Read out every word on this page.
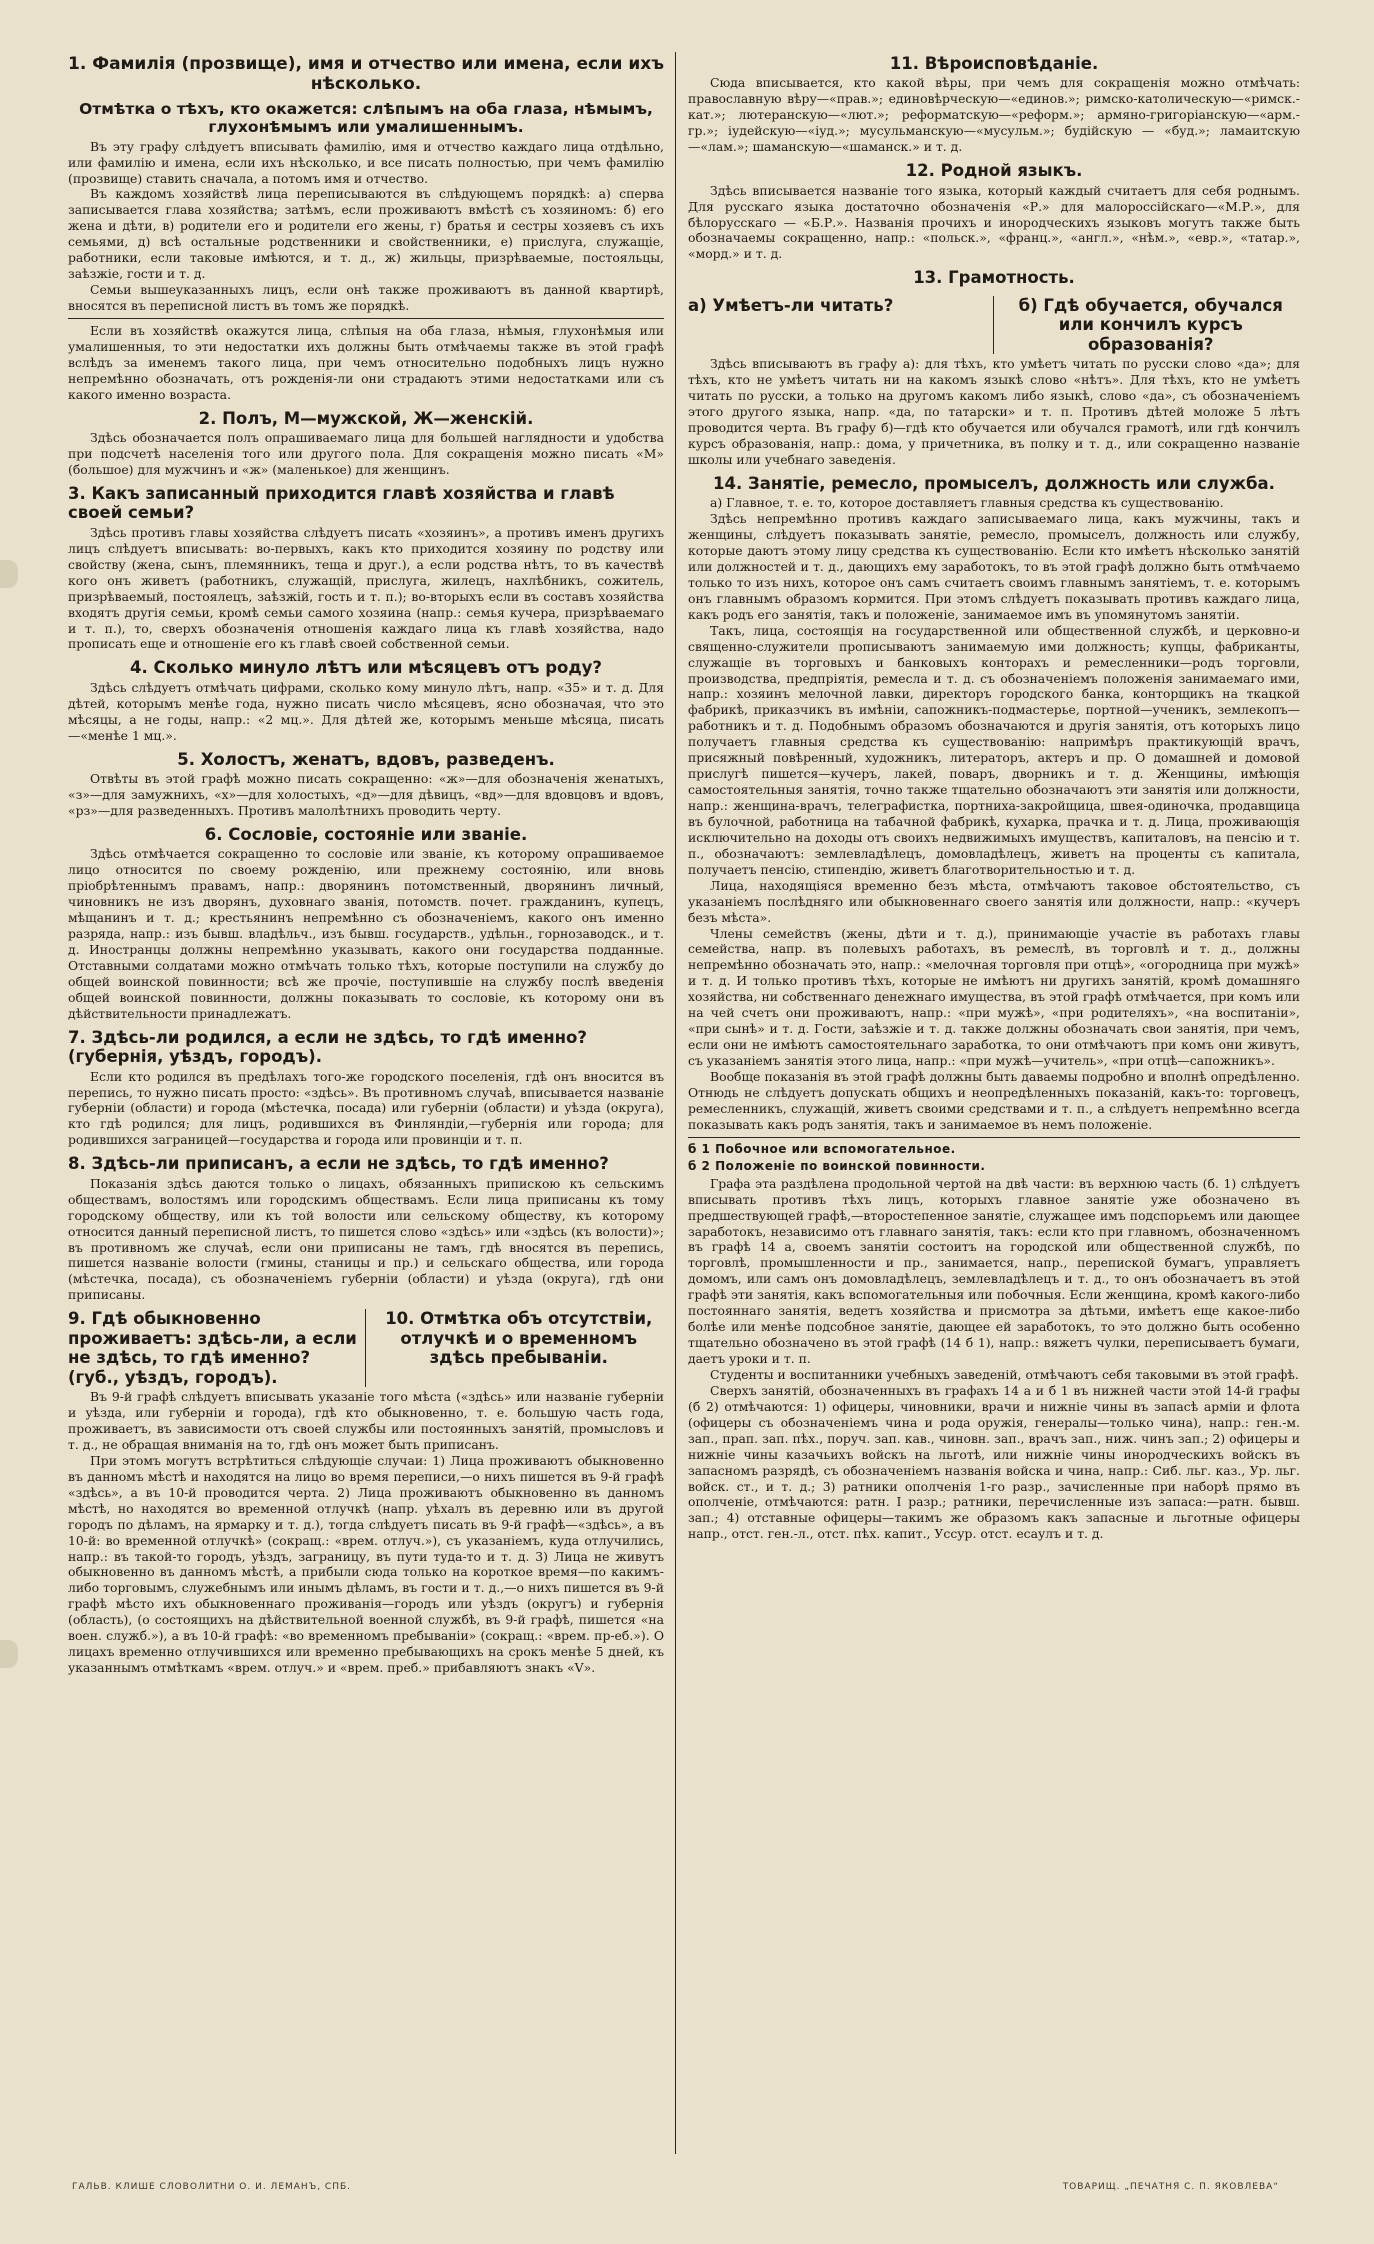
1. Фамилія (прозвище), имя и отчество или имена, если ихъ нѣсколько.
Отмѣтка о тѣхъ, кто окажется: слѣпымъ на оба глаза, нѣмымъ, глухонѣмымъ или умалишеннымъ.

Въ эту графу слѣдуетъ вписывать фамилію, имя и отчество каждаго лица отдѣльно, или фамилію и имена, если ихъ нѣсколько, и все писать полностью, при чемъ фамилію (прозвище) ставить сначала, а потомъ имя и отчество.

Въ каждомъ хозяйствѣ лица переписываются въ слѣдующемъ порядкѣ: а) сперва записывается глава хозяйства; затѣмъ, если проживаютъ вмѣстѣ съ хозяиномъ: б) его жена и дѣти, в) родители его и родители его жены, г) братья и сестры хозяевъ съ ихъ семьями, д) всѣ остальные родственники и свойственники, е) прислуга, служащіе, работники, если таковые имѣются, и т. д., ж) жильцы, призрѣваемые, постояльцы, заѣзжіе, гости и т. д.

Семьи вышеуказанныхъ лицъ, если онѣ также проживаютъ въ данной квартирѣ, вносятся въ переписной листъ въ томъ же порядкѣ.

Если въ хозяйствѣ окажутся лица, слѣпыя на оба глаза, нѣмыя, глухонѣмыя или умалишенныя, то эти недостатки ихъ должны быть отмѣчаемы также въ этой графѣ вслѣдъ за именемъ такого лица, при чемъ относительно подобныхъ лицъ нужно непремѣнно обозначать, отъ рожденія-ли они страдаютъ этими недостатками или съ какого именно возраста.

2. Полъ, М—мужской, Ж—женскій.

Здѣсь обозначается полъ опрашиваемаго лица для большей наглядности и удобства при подсчетѣ населенія того или другого пола. Для сокращенія можно писать «М» (большое) для мужчинъ и «ж» (маленькое) для женщинъ.

3. Какъ записанный приходится главѣ хозяйства и главѣ своей семьи?

Здѣсь противъ главы хозяйства слѣдуетъ писать «хозяинъ», а противъ именъ другихъ лицъ слѣдуетъ вписывать: во-первыхъ, какъ кто приходится хозяину по родству или свойству (жена, сынъ, племянникъ, теща и друг.), а если родства нѣтъ, то въ качествѣ кого онъ живетъ (работникъ, служащій, прислуга, жилецъ, нахлѣбникъ, сожитель, призрѣваемый, постоялецъ, заѣзжій, гость и т. п.); во-вторыхъ если въ составъ хозяйства входятъ другія семьи, кромѣ семьи самого хозяина (напр.: семья кучера, призрѣваемаго и т. п.), то, сверхъ обозначенія отношенія каждаго лица къ главѣ хозяйства, надо прописать еще и отношеніе его къ главѣ своей собственной семьи.

4. Сколько минуло лѣтъ или мѣсяцевъ отъ роду?

Здѣсь слѣдуетъ отмѣчать цифрами, сколько кому минуло лѣтъ, напр. «35» и т. д. Для дѣтей, которымъ менѣе года, нужно писать число мѣсяцевъ, ясно обозначая, что это мѣсяцы, а не годы, напр.: «2 мц.». Для дѣтей же, которымъ меньше мѣсяца, писать—«менѣе 1 мц.».

5. Холостъ, женатъ, вдовъ, разведенъ.

Отвѣты въ этой графѣ можно писать сокращенно: «ж»—для обозначенія женатыхъ, «з»—для замужнихъ, «х»—для холостыхъ, «д»—для дѣвицъ, «вд»—для вдовцовъ и вдовъ, «рз»—для разведенныхъ. Противъ малолѣтнихъ проводить черту.

6. Сословіе, состояніе или званіе.

Здѣсь отмѣчается сокращенно то сословіе или званіе, къ которому опрашиваемое лицо относится по своему рожденію, или прежнему состоянію, или вновь пріобрѣтеннымъ правамъ, напр.: дворянинъ потомственный, дворянинъ личный, чиновникъ не изъ дворянъ, духовнаго званія, потомств. почет. гражданинъ, купецъ, мѣщанинъ и т. д.; крестьянинъ непремѣнно съ обозначеніемъ, какого онъ именно разряда, напр.: изъ бывш. владѣльч., изъ бывш. государств., удѣльн., горнозаводск., и т. д. Иностранцы должны непремѣнно указывать, какого они государства подданные. Отставными солдатами можно отмѣчать только тѣхъ, которые поступили на службу до общей воинской повинности; всѣ же прочіе, поступившіе на службу послѣ введенія общей воинской повинности, должны показывать то сословіе, къ которому они въ дѣйствительности принадлежатъ.

7. Здѣсь-ли родился, а если не здѣсь, то гдѣ именно? (губернія, уѣздъ, городъ).

Если кто родился въ предѣлахъ того-же городского поселенія, гдѣ онъ вносится въ перепись, то нужно писать просто: «здѣсь». Въ противномъ случаѣ, вписывается названіе губерніи (области) и города (мѣстечка, посада) или губерніи (области) и уѣзда (округа), кто гдѣ родился; для лицъ, родившихся въ Финляндіи,—губернія или города; для родившихся заграницей—государства и города или провинціи и т. п.

8. Здѣсь-ли приписанъ, а если не здѣсь, то гдѣ именно?

Показанія здѣсь даются только о лицахъ, обязанныхъ припискою къ сельскимъ обществамъ, волостямъ или городскимъ обществамъ. Если лица приписаны къ тому городскому обществу, или къ той волости или сельскому обществу, къ которому относится данный переписной листъ, то пишется слово «здѣсь» или «здѣсь (къ волости)»; въ противномъ же случаѣ, если они приписаны не тамъ, гдѣ вносятся въ перепись, пишется названіе волости (гмины, станицы и пр.) и сельскаго общества, или города (мѣстечка, посада), съ обозначеніемъ губерніи (области) и уѣзда (округа), гдѣ они приписаны.

9. Гдѣ обыкновенно проживаетъ: здѣсь-ли, а если не здѣсь, то гдѣ именно? (губ., уѣздъ, городъ).
10. Отмѣтка объ отсутствіи, отлучкѣ и о временномъ здѣсь пребываніи.

Въ 9-й графѣ слѣдуетъ вписывать указаніе того мѣста («здѣсь» или названіе губерніи и уѣзда, или губерніи и города), гдѣ кто обыкновенно, т. е. большую часть года, проживаетъ, въ зависимости отъ своей службы или постоянныхъ занятій, промысловъ и т. д., не обращая вниманія на то, гдѣ онъ может быть приписанъ.

При этомъ могутъ встрѣтиться слѣдующіе случаи: 1) Лица проживаютъ обыкновенно въ данномъ мѣстѣ и находятся на лицо во время переписи,—о нихъ пишется въ 9-й графѣ «здѣсь», а въ 10-й проводится черта. 2) Лица проживаютъ обыкновенно въ данномъ мѣстѣ, но находятся во временной отлучкѣ (напр. уѣхалъ въ деревню или въ другой городъ по дѣламъ, на ярмарку и т. д.), тогда слѣдуетъ писать въ 9-й графѣ—«здѣсь», а въ 10-й: во временной отлучкѣ» (сокращ.: «врем. отлуч.»), съ указаніемъ, куда отлучились, напр.: въ такой-то городъ, уѣздъ, заграницу, въ пути туда-то и т. д. 3) Лица не живутъ обыкновенно въ данномъ мѣстѣ, а прибыли сюда только на короткое время—по какимъ-либо торговымъ, служебнымъ или инымъ дѣламъ, въ гости и т. д.,—о нихъ пишется въ 9-й графѣ мѣсто ихъ обыкновеннаго проживанія—городъ или уѣздъ (округъ) и губернія (область), (о состоящихъ на дѣйствительной военной службѣ, въ 9-й графѣ, пишется «на воен. служб.»), а въ 10-й графѣ: «во временномъ пребываніи» (сокращ.: «врем. пр-еб.»). О лицахъ временно отлучившихся или временно пребывающихъ на срокъ менѣе 5 дней, къ указаннымъ отмѣткамъ «врем. отлуч.» и «врем. преб.» прибавляютъ знакъ «V».

11. Вѣроисповѣданіе.

Сюда вписывается, кто какой вѣры, при чемъ для сокращенія можно отмѣчать: православную вѣру—«прав.»; единовѣрческую—«единов.»; римско-католическую—«римск.-кат.»; лютеранскую—«лют.»; реформатскую—«реформ.»; армяно-григоріанскую—«арм.-гр.»; іудейскую—«іуд.»; мусульманскую—«мусульм.»; будійскую — «буд.»; ламаитскую—«лам.»; шаманскую—«шаманск.» и т. д.

12. Родной языкъ.

Здѣсь вписывается названіе того языка, который каждый считаетъ для себя роднымъ. Для русскаго языка достаточно обозначенія «Р.» для малороссійскаго—«М.Р.», для бѣлорусскаго — «Б.Р.». Названія прочихъ и инородческихъ языковъ могутъ также быть обозначаемы сокращенно, напр.: «польск.», «франц.», «англ.», «нѣм.», «евр.», «татар.», «морд.» и т. д.

13. Грамотность.
а) Умѣетъ-ли читать?	б) Гдѣ обучается, обучался или кончилъ курсъ образованія?

Здѣсь вписываютъ въ графу а): для тѣхъ, кто умѣетъ читать по русски слово «да»; для тѣхъ, кто не умѣетъ читать ни на какомъ языкѣ слово «нѣтъ». Для тѣхъ, кто не умѣетъ читать по русски, а только на другомъ какомъ либо языкѣ, слово «да», съ обозначеніемъ этого другого языка, напр. «да, по татарски» и т. п. Противъ дѣтей моложе 5 лѣтъ проводится черта. Въ графу б)—гдѣ кто обучается или обучался грамотѣ, или гдѣ кончилъ курсъ образованія, напр.: дома, у причетника, въ полку и т. д., или сокращенно названіе школы или учебнаго заведенія.

14. Занятіе, ремесло, промыселъ, должность или служба.

а) Главное, т. е. то, которое доставляетъ главныя средства къ существованію.

Здѣсь непремѣнно противъ каждаго записываемаго лица, какъ мужчины, такъ и женщины, слѣдуетъ показывать занятіе, ремесло, промыселъ, должность или службу, которые даютъ этому лицу средства къ существованію. Если кто имѣетъ нѣсколько занятій или должностей и т. д., дающихъ ему заработокъ, то въ этой графѣ должно быть отмѣчаемо только то изъ нихъ, которое онъ самъ считаетъ своимъ главнымъ занятіемъ, т. е. которымъ онъ главнымъ образомъ кормится. При этомъ слѣдуетъ показывать противъ каждаго лица, какъ родъ его занятія, такъ и положеніе, занимаемое имъ въ упомянутомъ занятіи.

Такъ, лица, состоящія на государственной или общественной службѣ, и церковно-и священно-служители прописываютъ занимаемую ими должность; купцы, фабриканты, служащіе въ торговыхъ и банковыхъ конторахъ и ремесленники—родъ торговли, производства, предпріятія, ремесла и т. д. съ обозначеніемъ положенія занимаемаго ими, напр.: хозяинъ мелочной лавки, директоръ городского банка, конторщикъ на ткацкой фабрикѣ, приказчикъ въ имѣніи, сапожникъ-подмастерье, портной—ученикъ, землекопъ—работникъ и т. д. Подобнымъ образомъ обозначаются и другія занятія, отъ которыхъ лицо получаетъ главныя средства къ существованію: напримѣръ практикующій врачъ, присяжный повѣренный, художникъ, литераторъ, актеръ и пр. О домашней и домовой прислугѣ пишется—кучеръ, лакей, поваръ, дворникъ и т. д. Женщины, имѣющія самостоятельныя занятія, точно также тщательно обозначаютъ эти занятія или должности, напр.: женщина-врачъ, телеграфистка, портниха-закройщица, швея-одиночка, продавщица въ булочной, работница на табачной фабрикѣ, кухарка, прачка и т. д. Лица, проживающія исключительно на доходы отъ своихъ недвижимыхъ имуществъ, капиталовъ, на пенсію и т. п., обозначаютъ: землевладѣлецъ, домовладѣлецъ, живетъ на проценты съ капитала, получаетъ пенсію, стипендію, живетъ благотворительностью и т. д.

Лица, находящіяся временно безъ мѣста, отмѣчаютъ таковое обстоятельство, съ указаніемъ послѣдняго или обыкновеннаго своего занятія или должности, напр.: «кучеръ безъ мѣста».

Члены семействъ (жены, дѣти и т. д.), принимающіе участіе въ работахъ главы семейства, напр. въ полевыхъ работахъ, въ ремеслѣ, въ торговлѣ и т. д., должны непремѣнно обозначать это, напр.: «мелочная торговля при отцѣ», «огородница при мужѣ» и т. д. И только противъ тѣхъ, которые не имѣютъ ни другихъ занятій, кромѣ домашняго хозяйства, ни собственнаго денежнаго имущества, въ этой графѣ отмѣчается, при комъ или на чей счетъ они проживаютъ, напр.: «при мужѣ», «при родителяхъ», «на воспитаніи», «при сынѣ» и т. д. Гости, заѣзжіе и т. д. также должны обозначать свои занятія, при чемъ, если они не имѣютъ самостоятельнаго заработка, то они отмѣчаютъ при комъ они живутъ, съ указаніемъ занятія этого лица, напр.: «при мужѣ—учитель», «при отцѣ—сапожникъ».

Вообще показанія въ этой графѣ должны быть даваемы подробно и вполнѣ опредѣленно. Отнюдь не слѣдуетъ допускать общихъ и неопредѣленныхъ показаній, какъ-то: торговецъ, ремесленникъ, служащій, живетъ своими средствами и т. п., а слѣдуетъ непремѣнно всегда показывать какъ родъ занятія, такъ и занимаемое въ немъ положеніе.

б 1 Побочное или вспомогательное.
б 2 Положеніе по воинской повинности.

Графа эта раздѣлена продольной чертой на двѣ части: въ верхнюю часть (б. 1) слѣдуетъ вписывать противъ тѣхъ лицъ, которыхъ главное занятіе уже обозначено въ предшествующей графѣ,—второстепенное занятіе, служащее имъ подспорьемъ или дающее заработокъ, независимо отъ главнаго занятія, такъ: если кто при главномъ, обозначенномъ въ графѣ 14 а, своемъ занятіи состоитъ на городской или общественной службѣ, по торговлѣ, промышленности и пр., занимается, напр., перепиской бумагъ, управляетъ домомъ, или самъ онъ домовладѣлецъ, землевладѣлецъ и т. д., то онъ обозначаетъ въ этой графѣ эти занятія, какъ вспомогательныя или побочныя. Если женщина, кромѣ какого-либо постояннаго занятія, ведетъ хозяйства и присмотра за дѣтьми, имѣетъ еще какое-либо болѣе или менѣе подсобное занятіе, дающее ей заработокъ, то это должно быть особенно тщательно обозначено въ этой графѣ (14 б 1), напр.: вяжетъ чулки, переписываетъ бумаги, даетъ уроки и т. п.

Студенты и воспитанники учебныхъ заведеній, отмѣчаютъ себя таковыми въ этой графѣ.

Сверхъ занятій, обозначенныхъ въ графахъ 14 а и б 1 въ нижней части этой 14-й графы (б 2) отмѣчаются: 1) офицеры, чиновники, врачи и нижніе чины въ запасѣ арміи и флота (офицеры съ обозначеніемъ чина и рода оружія, генералы—только чина), напр.: ген.-м. зап., прап. зап. пѣх., поруч. зап. кав., чиновн. зап., врачъ зап., ниж. чинъ зап.; 2) офицеры и нижніе чины казачьихъ войскъ на льготѣ, или нижніе чины инородческихъ войскъ въ запасномъ разрядѣ, съ обозначеніемъ названія войска и чина, напр.: Сиб. льг. каз., Ур. льг. войск. ст., и т. д.; 3) ратники ополченія 1-го разр., зачисленные при наборѣ прямо въ ополченіе, отмѣчаются: ратн. I разр.; ратники, перечисленные изъ запаса:—ратн. бывш. зап.; 4) отставные офицеры—такимъ же образомъ какъ запасные и льготные офицеры напр., отст. ген.-л., отст. пѣх. капит., Уссур. отст. есаулъ и т. д.

ГАЛЬВ. КЛИШЕ СЛОВОЛИТНИ О. И. ЛЕМАНЪ, СПБ.	ТОВАРИЩ. „ПЕЧАТНЯ С. П. ЯКОВЛЕВА“
